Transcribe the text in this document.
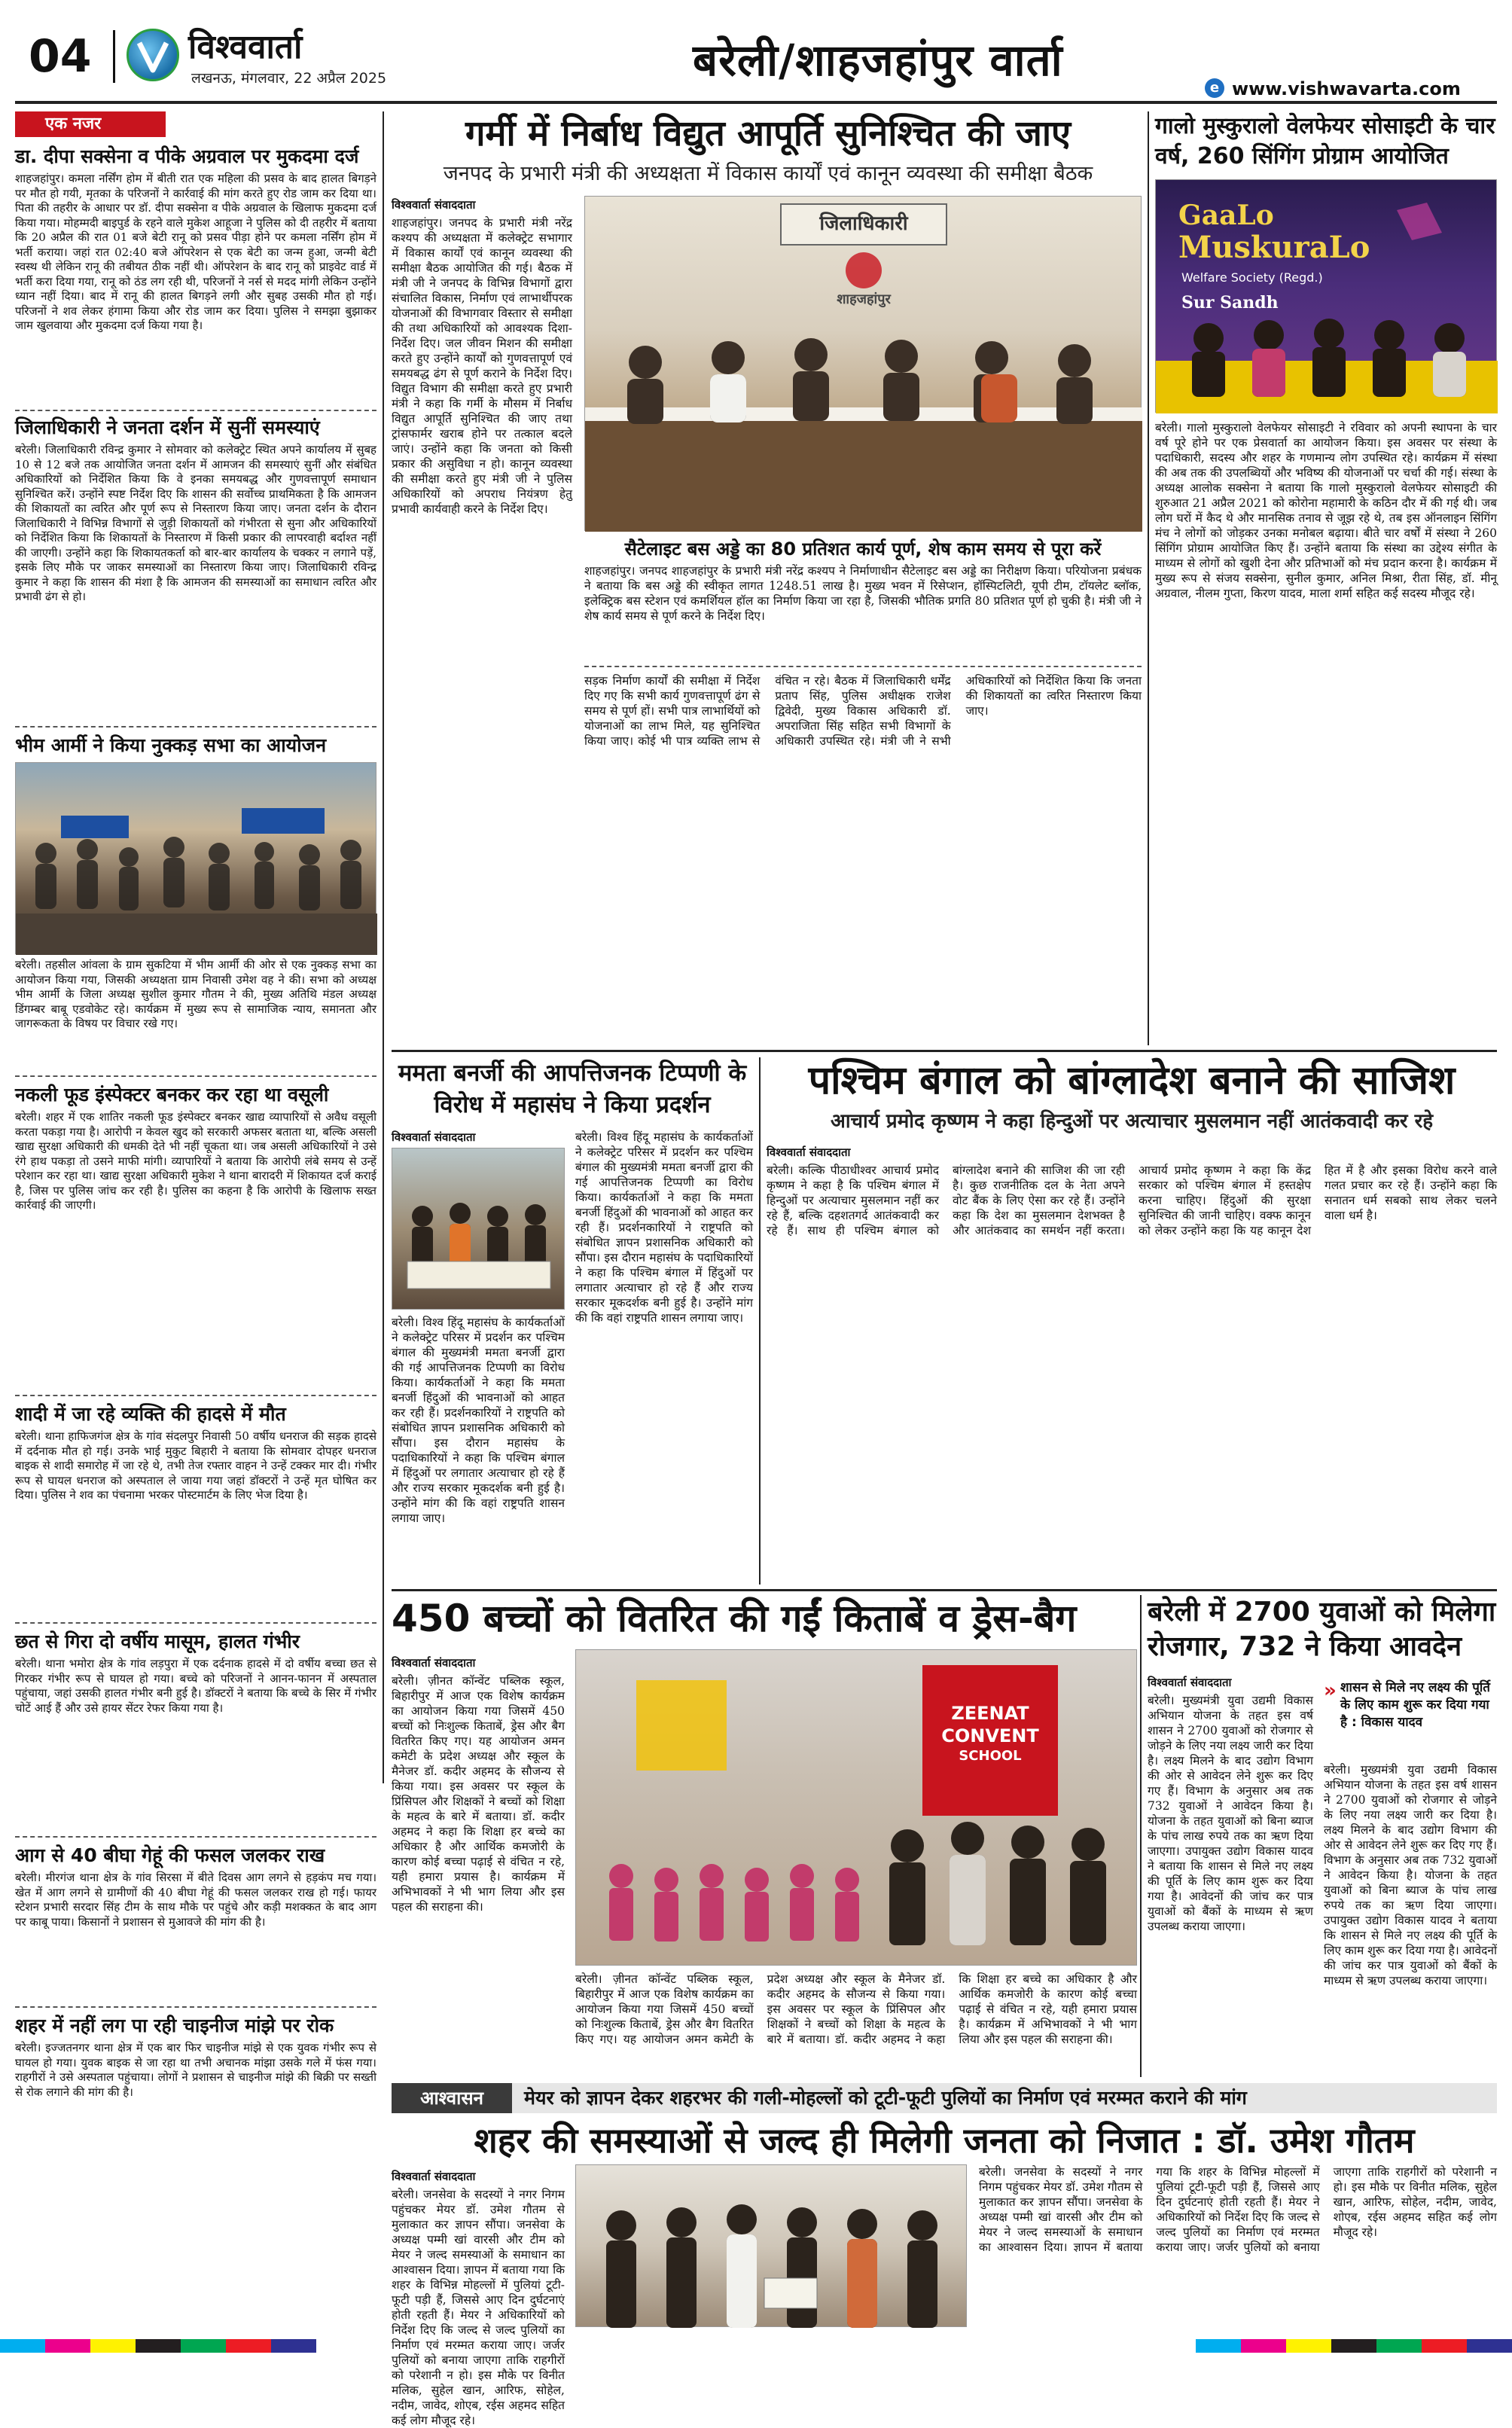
04	विश्ववार्ता
लखनऊ, मंगलवार, 22 अप्रैल 2025	बरेली/शाहजहांपुर वार्ता
e www.vishwavarta.com
एक नजर
डा. दीपा सक्सेना व पीके अग्रवाल पर मुकदमा दर्ज
शाहजहांपुर। कमला नर्सिंग होम में बीती रात एक महिला की प्रसव के बाद हालत बिगड़ने पर मौत हो गयी, मृतका के परिजनों ने कार्रवाई की मांग करते हुए रोड जाम कर दिया था। पिता की तहरीर के आधार पर डॉ. दीपा सक्सेना व पीके अग्रवाल के खिलाफ मुकदमा दर्ज किया गया। मोहम्मदी बाइपुर्ड के रहने वाले मुकेश आहूजा ने पुलिस को दी तहरीर में बताया कि 20 अप्रैल की रात 01 बजे बेटी रानू को प्रसव पीड़ा होने पर कमला नर्सिंग होम में भर्ती कराया। जहां रात 02:40 बजे ऑपरेशन से एक बेटी का जन्म हुआ, जन्मी बेटी स्वस्थ थी लेकिन रानू की तबीयत ठीक नहीं थी। ऑपरेशन के बाद रानू को प्राइवेट वार्ड में भर्ती करा दिया गया, रानू को ठंड लग रही थी, परिजनों ने नर्स से मदद मांगी लेकिन उन्होंने ध्यान नहीं दिया। बाद में रानू की हालत बिगड़ने लगी और सुबह उसकी मौत हो गई। परिजनों ने शव लेकर हंगामा किया और रोड जाम कर दिया। पुलिस ने समझा बुझाकर जाम खुलवाया और मुकदमा दर्ज किया गया है।
जिलाधिकारी ने जनता दर्शन में सुनीं समस्याएं
बरेली। जिलाधिकारी रविन्द्र कुमार ने सोमवार को कलेक्ट्रेट स्थित अपने कार्यालय में सुबह 10 से 12 बजे तक आयोजित जनता दर्शन में आमजन की समस्याएं सुनीं और संबंधित अधिकारियों को निर्देशित किया कि वे इनका समयबद्ध और गुणवत्तापूर्ण समाधान सुनिश्चित करें। उन्होंने स्पष्ट निर्देश दिए कि शासन की सर्वोच्च प्राथमिकता है कि आमजन की शिकायतों का त्वरित और पूर्ण रूप से निस्तारण किया जाए। जनता दर्शन के दौरान जिलाधिकारी ने विभिन्न विभागों से जुड़ी शिकायतों को गंभीरता से सुना और अधिकारियों को निर्देशित किया कि शिकायतों के निस्तारण में किसी प्रकार की लापरवाही बर्दाश्त नहीं की जाएगी। उन्होंने कहा कि शिकायतकर्ता को बार-बार कार्यालय के चक्कर न लगाने पड़ें, इसके लिए मौके पर जाकर समस्याओं का निस्तारण किया जाए। जिलाधिकारी रविन्द्र कुमार ने कहा कि शासन की मंशा है कि आमजन की समस्याओं का समाधान त्वरित और प्रभावी ढंग से हो।
भीम आर्मी ने किया नुक्कड़ सभा का आयोजन
बरेली। तहसील आंवला के ग्राम सुकटिया में भीम आर्मी की ओर से एक नुक्कड़ सभा का आयोजन किया गया, जिसकी अध्यक्षता ग्राम निवासी उमेश वह ने की। सभा को अध्यक्ष भीम आर्मी के जिला अध्यक्ष सुशील कुमार गौतम ने की, मुख्य अतिथि मंडल अध्यक्ष डिंगम्बर बाबू एडवोकेट रहे। कार्यक्रम में मुख्य रूप से सामाजिक न्याय, समानता और जागरूकता के विषय पर विचार रखे गए।
नकली फूड इंस्पेक्टर बनकर कर रहा था वसूली
बरेली। शहर में एक शातिर नकली फूड इंस्पेक्टर बनकर खाद्य व्यापारियों से अवैध वसूली करता पकड़ा गया है। आरोपी न केवल खुद को सरकारी अफसर बताता था, बल्कि असली खाद्य सुरक्षा अधिकारी की धमकी देते भी नहीं चूकता था। जब असली अधिकारियों ने उसे रंगे हाथ पकड़ा तो उसने माफी मांगी। व्यापारियों ने बताया कि आरोपी लंबे समय से उन्हें परेशान कर रहा था। खाद्य सुरक्षा अधिकारी मुकेश ने थाना बारादरी में शिकायत दर्ज कराई है, जिस पर पुलिस जांच कर रही है। पुलिस का कहना है कि आरोपी के खिलाफ सख्त कार्रवाई की जाएगी।
शादी में जा रहे व्यक्ति की हादसे में मौत
बरेली। थाना हाफिजगंज क्षेत्र के गांव संदलपुर निवासी 50 वर्षीय धनराज की सड़क हादसे में दर्दनाक मौत हो गई। उनके भाई मुकुट बिहारी ने बताया कि सोमवार दोपहर धनराज बाइक से शादी समारोह में जा रहे थे, तभी तेज रफ्तार वाहन ने उन्हें टक्कर मार दी। गंभीर रूप से घायल धनराज को अस्पताल ले जाया गया जहां डॉक्टरों ने उन्हें मृत घोषित कर दिया। पुलिस ने शव का पंचनामा भरकर पोस्टमार्टम के लिए भेज दिया है।
छत से गिरा दो वर्षीय मासूम, हालत गंभीर
बरेली। थाना भमोरा क्षेत्र के गांव लड़पुरा में एक दर्दनाक हादसे में दो वर्षीय बच्चा छत से गिरकर गंभीर रूप से घायल हो गया। बच्चे को परिजनों ने आनन-फानन में अस्पताल पहुंचाया, जहां उसकी हालत गंभीर बनी हुई है। डॉक्टरों ने बताया कि बच्चे के सिर में गंभीर चोटें आई हैं और उसे हायर सेंटर रेफर किया गया है।
आग से 40 बीघा गेहूं की फसल जलकर राख
बरेली। मीरगंज थाना क्षेत्र के गांव सिरसा में बीते दिवस आग लगने से हड़कंप मच गया। खेत में आग लगने से ग्रामीणों की 40 बीघा गेहूं की फसल जलकर राख हो गई। फायर स्टेशन प्रभारी सरदार सिंह टीम के साथ मौके पर पहुंचे और कड़ी मशक्कत के बाद आग पर काबू पाया। किसानों ने प्रशासन से मुआवजे की मांग की है।
शहर में नहीं लग पा रही चाइनीज मांझे पर रोक
बरेली। इज्जतनगर थाना क्षेत्र में एक बार फिर चाइनीज मांझे से एक युवक गंभीर रूप से घायल हो गया। युवक बाइक से जा रहा था तभी अचानक मांझा उसके गले में फंस गया। राहगीरों ने उसे अस्पताल पहुंचाया। लोगों ने प्रशासन से चाइनीज मांझे की बिक्री पर सख्ती से रोक लगाने की मांग की है।
गर्मी में निर्बाध विद्युत आपूर्ति सुनिश्चित की जाए
जनपद के प्रभारी मंत्री की अध्यक्षता में विकास कार्यों एवं कानून व्यवस्था की समीक्षा बैठक
विश्ववार्ता संवाददाता
शाहजहांपुर। जनपद के प्रभारी मंत्री नरेंद्र कश्यप की अध्यक्षता में कलेक्ट्रेट सभागार में विकास कार्यों एवं कानून व्यवस्था की समीक्षा बैठक आयोजित की गई। बैठक में मंत्री जी ने जनपद के विभिन्न विभागों द्वारा संचालित विकास, निर्माण एवं लाभार्थीपरक योजनाओं की विभागवार विस्तार से समीक्षा की तथा अधिकारियों को आवश्यक दिशा-निर्देश दिए। जल जीवन मिशन की समीक्षा करते हुए उन्होंने कार्यों को गुणवत्तापूर्ण एवं समयबद्ध ढंग से पूर्ण कराने के निर्देश दिए। विद्युत विभाग की समीक्षा करते हुए प्रभारी मंत्री ने कहा कि गर्मी के मौसम में निर्बाध विद्युत आपूर्ति सुनिश्चित की जाए तथा ट्रांसफार्मर खराब होने पर तत्काल बदले जाएं। उन्होंने कहा कि जनता को किसी प्रकार की असुविधा न हो। कानून व्यवस्था की समीक्षा करते हुए मंत्री जी ने पुलिस अधिकारियों को अपराध नियंत्रण हेतु प्रभावी कार्यवाही करने के निर्देश दिए।
जिलाधिकारी
शाहजहांपुर
सैटेलाइट बस अड्डे का 80 प्रतिशत कार्य पूर्ण, शेष काम समय से पूरा करें
शाहजहांपुर। जनपद शाहजहांपुर के प्रभारी मंत्री नरेंद्र कश्यप ने निर्माणाधीन सैटेलाइट बस अड्डे का निरीक्षण किया। परियोजना प्रबंधक ने बताया कि बस अड्डे की स्वीकृत लागत 1248.51 लाख है। मुख्य भवन में रिसेप्शन, हॉस्पिटलिटी, यूपी टीम, टॉयलेट ब्लॉक, इलेक्ट्रिक बस स्टेशन एवं कमर्शियल हॉल का निर्माण किया जा रहा है, जिसकी भौतिक प्रगति 80 प्रतिशत पूर्ण हो चुकी है। मंत्री जी ने शेष कार्य समय से पूर्ण करने के निर्देश दिए।
सड़क निर्माण कार्यों की समीक्षा में निर्देश दिए गए कि सभी कार्य गुणवत्तापूर्ण ढंग से समय से पूर्ण हों। सभी पात्र लाभार्थियों को योजनाओं का लाभ मिले, यह सुनिश्चित किया जाए। कोई भी पात्र व्यक्ति लाभ से वंचित न रहे। बैठक में जिलाधिकारी धर्मेंद्र प्रताप सिंह, पुलिस अधीक्षक राजेश द्विवेदी, मुख्य विकास अधिकारी डॉ. अपराजिता सिंह सहित सभी विभागों के अधिकारी उपस्थित रहे। मंत्री जी ने सभी अधिकारियों को निर्देशित किया कि जनता की शिकायतों का त्वरित निस्तारण किया जाए।
गालो मुस्कुरालो वेलफेयर सोसाइटी के चार वर्ष, 260 सिंगिंग प्रोग्राम आयोजित
GaaLo
MuskuraLo
Welfare Society (Regd.)
Sur Sandh
बरेली। गालो मुस्कुरालो वेलफेयर सोसाइटी ने रविवार को अपनी स्थापना के चार वर्ष पूरे होने पर एक प्रेसवार्ता का आयोजन किया। इस अवसर पर संस्था के पदाधिकारी, सदस्य और शहर के गणमान्य लोग उपस्थित रहे। कार्यक्रम में संस्था की अब तक की उपलब्धियों और भविष्य की योजनाओं पर चर्चा की गई। संस्था के अध्यक्ष आलोक सक्सेना ने बताया कि गालो मुस्कुरालो वेलफेयर सोसाइटी की शुरुआत 21 अप्रैल 2021 को कोरोना महामारी के कठिन दौर में की गई थी। जब लोग घरों में कैद थे और मानसिक तनाव से जूझ रहे थे, तब इस ऑनलाइन सिंगिंग मंच ने लोगों को जोड़कर उनका मनोबल बढ़ाया। बीते चार वर्षों में संस्था ने 260 सिंगिंग प्रोग्राम आयोजित किए हैं। उन्होंने बताया कि संस्था का उद्देश्य संगीत के माध्यम से लोगों को खुशी देना और प्रतिभाओं को मंच प्रदान करना है। कार्यक्रम में मुख्य रूप से संजय सक्सेना, सुनील कुमार, अनिल मिश्रा, रीता सिंह, डॉ. मीनू अग्रवाल, नीलम गुप्ता, किरण यादव, माला शर्मा सहित कई सदस्य मौजूद रहे।
ममता बनर्जी की आपत्तिजनक टिप्पणी के विरोध में महासंघ ने किया प्रदर्शन
विश्ववार्ता संवाददाता
बरेली। विश्व हिंदू महासंघ के कार्यकर्ताओं ने कलेक्ट्रेट परिसर में प्रदर्शन कर पश्चिम बंगाल की मुख्यमंत्री ममता बनर्जी द्वारा की गई आपत्तिजनक टिप्पणी का विरोध किया। कार्यकर्ताओं ने कहा कि ममता बनर्जी हिंदुओं की भावनाओं को आहत कर रही हैं। प्रदर्शनकारियों ने राष्ट्रपति को संबोधित ज्ञापन प्रशासनिक अधिकारी को सौंपा। इस दौरान महासंघ के पदाधिकारियों ने कहा कि पश्चिम बंगाल में हिंदुओं पर लगातार अत्याचार हो रहे हैं और राज्य सरकार मूकदर्शक बनी हुई है। उन्होंने मांग की कि वहां राष्ट्रपति शासन लगाया जाए।
बरेली। विश्व हिंदू महासंघ के कार्यकर्ताओं ने कलेक्ट्रेट परिसर में प्रदर्शन कर पश्चिम बंगाल की मुख्यमंत्री ममता बनर्जी द्वारा की गई आपत्तिजनक टिप्पणी का विरोध किया। कार्यकर्ताओं ने कहा कि ममता बनर्जी हिंदुओं की भावनाओं को आहत कर रही हैं। प्रदर्शनकारियों ने राष्ट्रपति को संबोधित ज्ञापन प्रशासनिक अधिकारी को सौंपा। इस दौरान महासंघ के पदाधिकारियों ने कहा कि पश्चिम बंगाल में हिंदुओं पर लगातार अत्याचार हो रहे हैं और राज्य सरकार मूकदर्शक बनी हुई है। उन्होंने मांग की कि वहां राष्ट्रपति शासन लगाया जाए।
पश्चिम बंगाल को बांग्लादेश बनाने की साजिश
आचार्य प्रमोद कृष्णम ने कहा हिन्दुओं पर अत्याचार मुसलमान नहीं आतंकवादी कर रहे
विश्ववार्ता संवाददाता
बरेली। कल्कि पीठाधीश्वर आचार्य प्रमोद कृष्णम ने कहा है कि पश्चिम बंगाल में हिन्दुओं पर अत्याचार मुसलमान नहीं कर रहे हैं, बल्कि दहशतगर्द आतंकवादी कर रहे हैं। साथ ही पश्चिम बंगाल को बांग्लादेश बनाने की साजिश की जा रही है। कुछ राजनीतिक दल के नेता अपने वोट बैंक के लिए ऐसा कर रहे हैं। उन्होंने कहा कि देश का मुसलमान देशभक्त है और आतंकवाद का समर्थन नहीं करता। आचार्य प्रमोद कृष्णम ने कहा कि केंद्र सरकार को पश्चिम बंगाल में हस्तक्षेप करना चाहिए। हिंदुओं की सुरक्षा सुनिश्चित की जानी चाहिए। वक्फ कानून को लेकर उन्होंने कहा कि यह कानून देश हित में है और इसका विरोध करने वाले गलत प्रचार कर रहे हैं। उन्होंने कहा कि सनातन धर्म सबको साथ लेकर चलने वाला धर्म है।
450 बच्चों को वितरित की गईं किताबें व ड्रेस-बैग
विश्ववार्ता संवाददाता
बरेली। ज़ीनत कॉन्वेंट पब्लिक स्कूल, बिहारीपुर में आज एक विशेष कार्यक्रम का आयोजन किया गया जिसमें 450 बच्चों को निःशुल्क किताबें, ड्रेस और बैग वितरित किए गए। यह आयोजन अमन कमेटी के प्रदेश अध्यक्ष और स्कूल के मैनेजर डॉ. कदीर अहमद के सौजन्य से किया गया। इस अवसर पर स्कूल के प्रिंसिपल और शिक्षकों ने बच्चों को शिक्षा के महत्व के बारे में बताया। डॉ. कदीर अहमद ने कहा कि शिक्षा हर बच्चे का अधिकार है और आर्थिक कमजोरी के कारण कोई बच्चा पढ़ाई से वंचित न रहे, यही हमारा प्रयास है। कार्यक्रम में अभिभावकों ने भी भाग लिया और इस पहल की सराहना की।
ZEENAT
CONVENT
SCHOOL
बरेली। ज़ीनत कॉन्वेंट पब्लिक स्कूल, बिहारीपुर में आज एक विशेष कार्यक्रम का आयोजन किया गया जिसमें 450 बच्चों को निःशुल्क किताबें, ड्रेस और बैग वितरित किए गए। यह आयोजन अमन कमेटी के प्रदेश अध्यक्ष और स्कूल के मैनेजर डॉ. कदीर अहमद के सौजन्य से किया गया। इस अवसर पर स्कूल के प्रिंसिपल और शिक्षकों ने बच्चों को शिक्षा के महत्व के बारे में बताया। डॉ. कदीर अहमद ने कहा कि शिक्षा हर बच्चे का अधिकार है और आर्थिक कमजोरी के कारण कोई बच्चा पढ़ाई से वंचित न रहे, यही हमारा प्रयास है। कार्यक्रम में अभिभावकों ने भी भाग लिया और इस पहल की सराहना की।
बरेली में 2700 युवाओं को मिलेगा रोजगार, 732 ने किया आवदेन
विश्ववार्ता संवाददाता
बरेली। मुख्यमंत्री युवा उद्यमी विकास अभियान योजना के तहत इस वर्ष शासन ने 2700 युवाओं को रोजगार से जोड़ने के लिए नया लक्ष्य जारी कर दिया है। लक्ष्य मिलने के बाद उद्योग विभाग की ओर से आवेदन लेने शुरू कर दिए गए हैं। विभाग के अनुसार अब तक 732 युवाओं ने आवेदन किया है। योजना के तहत युवाओं को बिना ब्याज के पांच लाख रुपये तक का ऋण दिया जाएगा। उपायुक्त उद्योग विकास यादव ने बताया कि शासन से मिले नए लक्ष्य की पूर्ति के लिए काम शुरू कर दिया गया है। आवेदनों की जांच कर पात्र युवाओं को बैंकों के माध्यम से ऋण उपलब्ध कराया जाएगा।
» शासन से मिले नए लक्ष्य की पूर्ति के लिए काम शुरू कर दिया गया है : विकास यादव
बरेली। मुख्यमंत्री युवा उद्यमी विकास अभियान योजना के तहत इस वर्ष शासन ने 2700 युवाओं को रोजगार से जोड़ने के लिए नया लक्ष्य जारी कर दिया है। लक्ष्य मिलने के बाद उद्योग विभाग की ओर से आवेदन लेने शुरू कर दिए गए हैं। विभाग के अनुसार अब तक 732 युवाओं ने आवेदन किया है। योजना के तहत युवाओं को बिना ब्याज के पांच लाख रुपये तक का ऋण दिया जाएगा। उपायुक्त उद्योग विकास यादव ने बताया कि शासन से मिले नए लक्ष्य की पूर्ति के लिए काम शुरू कर दिया गया है। आवेदनों की जांच कर पात्र युवाओं को बैंकों के माध्यम से ऋण उपलब्ध कराया जाएगा।
आश्वासन	मेयर को ज्ञापन देकर शहरभर की गली-मोहल्लों को टूटी-फूटी पुलियों का निर्माण एवं मरम्मत कराने की मांग
शहर की समस्याओं से जल्द ही मिलेगी जनता को निजात : डॉ. उमेश गौतम
विश्ववार्ता संवाददाता
बरेली। जनसेवा के सदस्यों ने नगर निगम पहुंचकर मेयर डॉ. उमेश गौतम से मुलाकात कर ज्ञापन सौंपा। जनसेवा के अध्यक्ष पम्मी खां वारसी और टीम को मेयर ने जल्द समस्याओं के समाधान का आश्वासन दिया। ज्ञापन में बताया गया कि शहर के विभिन्न मोहल्लों में पुलियां टूटी-फूटी पड़ी हैं, जिससे आए दिन दुर्घटनाएं होती रहती हैं। मेयर ने अधिकारियों को निर्देश दिए कि जल्द से जल्द पुलियों का निर्माण एवं मरम्मत कराया जाए। जर्जर पुलियों को बनाया जाएगा ताकि राहगीरों को परेशानी न हो। इस मौके पर विनीत मलिक, सुहेल खान, आरिफ, सोहेल, नदीम, जावेद, शोएब, रईस अहमद सहित कई लोग मौजूद रहे।
बरेली। जनसेवा के सदस्यों ने नगर निगम पहुंचकर मेयर डॉ. उमेश गौतम से मुलाकात कर ज्ञापन सौंपा। जनसेवा के अध्यक्ष पम्मी खां वारसी और टीम को मेयर ने जल्द समस्याओं के समाधान का आश्वासन दिया। ज्ञापन में बताया गया कि शहर के विभिन्न मोहल्लों में पुलियां टूटी-फूटी पड़ी हैं, जिससे आए दिन दुर्घटनाएं होती रहती हैं। मेयर ने अधिकारियों को निर्देश दिए कि जल्द से जल्द पुलियों का निर्माण एवं मरम्मत कराया जाए। जर्जर पुलियों को बनाया जाएगा ताकि राहगीरों को परेशानी न हो। इस मौके पर विनीत मलिक, सुहेल खान, आरिफ, सोहेल, नदीम, जावेद, शोएब, रईस अहमद सहित कई लोग मौजूद रहे।
